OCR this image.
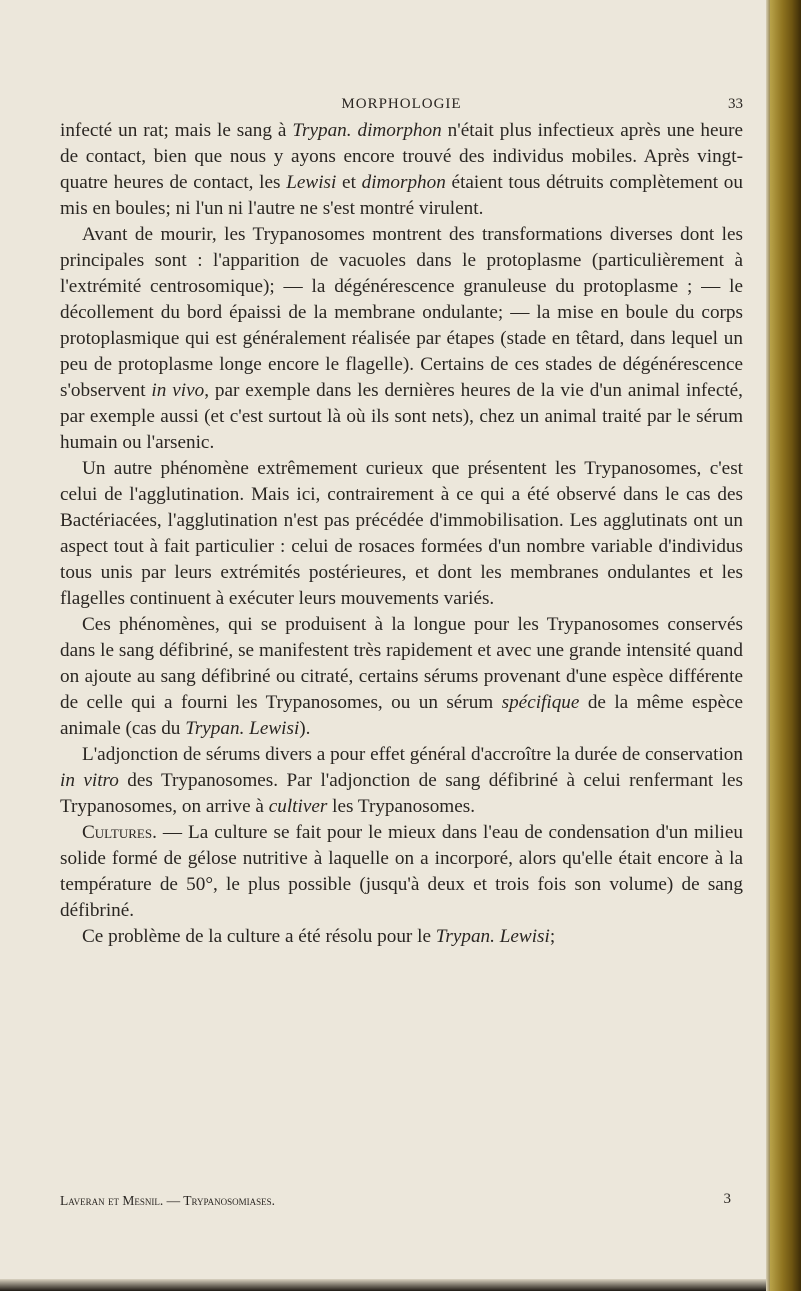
MORPHOLOGIE	33

infecté un rat; mais le sang à Trypan. dimorphon n'était plus infectieux après une heure de contact, bien que nous y ayons encore trouvé des individus mobiles. Après vingt-quatre heures de contact, les Lewisi et dimorphon étaient tous détruits complètement ou mis en boules; ni l'un ni l'autre ne s'est montré virulent.

Avant de mourir, les Trypanosomes montrent des transformations diverses dont les principales sont : l'apparition de vacuoles dans le protoplasme (particulièrement à l'extrémité centrosomique); — la dégénérescence granuleuse du protoplasme ; — le décollement du bord épaissi de la membrane ondulante; — la mise en boule du corps protoplasmique qui est généralement réalisée par étapes (stade en têtard, dans lequel un peu de protoplasme longe encore le flagelle). Certains de ces stades de dégénérescence s'observent in vivo, par exemple dans les dernières heures de la vie d'un animal infecté, par exemple aussi (et c'est surtout là où ils sont nets), chez un animal traité par le sérum humain ou l'arsenic.

Un autre phénomène extrêmement curieux que présentent les Trypanosomes, c'est celui de l'agglutination. Mais ici, contrairement à ce qui a été observé dans le cas des Bactériacées, l'agglutination n'est pas précédée d'immobilisation. Les agglutinats ont un aspect tout à fait particulier : celui de rosaces formées d'un nombre variable d'individus tous unis par leurs extrémités postérieures, et dont les membranes ondulantes et les flagelles continuent à exécuter leurs mouvements variés.

Ces phénomènes, qui se produisent à la longue pour les Trypanosomes conservés dans le sang défibriné, se manifestent très rapidement et avec une grande intensité quand on ajoute au sang défibriné ou citraté, certains sérums provenant d'une espèce différente de celle qui a fourni les Trypanosomes, ou un sérum spécifique de la même espèce animale (cas du Trypan. Lewisi).

L'adjonction de sérums divers a pour effet général d'accroître la durée de conservation in vitro des Trypanosomes. Par l'adjonction de sang défibriné à celui renfermant les Trypanosomes, on arrive à cultiver les Trypanosomes.

Cultures. — La culture se fait pour le mieux dans l'eau de condensation d'un milieu solide formé de gélose nutritive à laquelle on a incorporé, alors qu'elle était encore à la température de 50°, le plus possible (jusqu'à deux et trois fois son volume) de sang défibriné.

Ce problème de la culture a été résolu pour le Trypan. Lewisi;

Laveran et Mesnil. — Trypanosomiases.	3
